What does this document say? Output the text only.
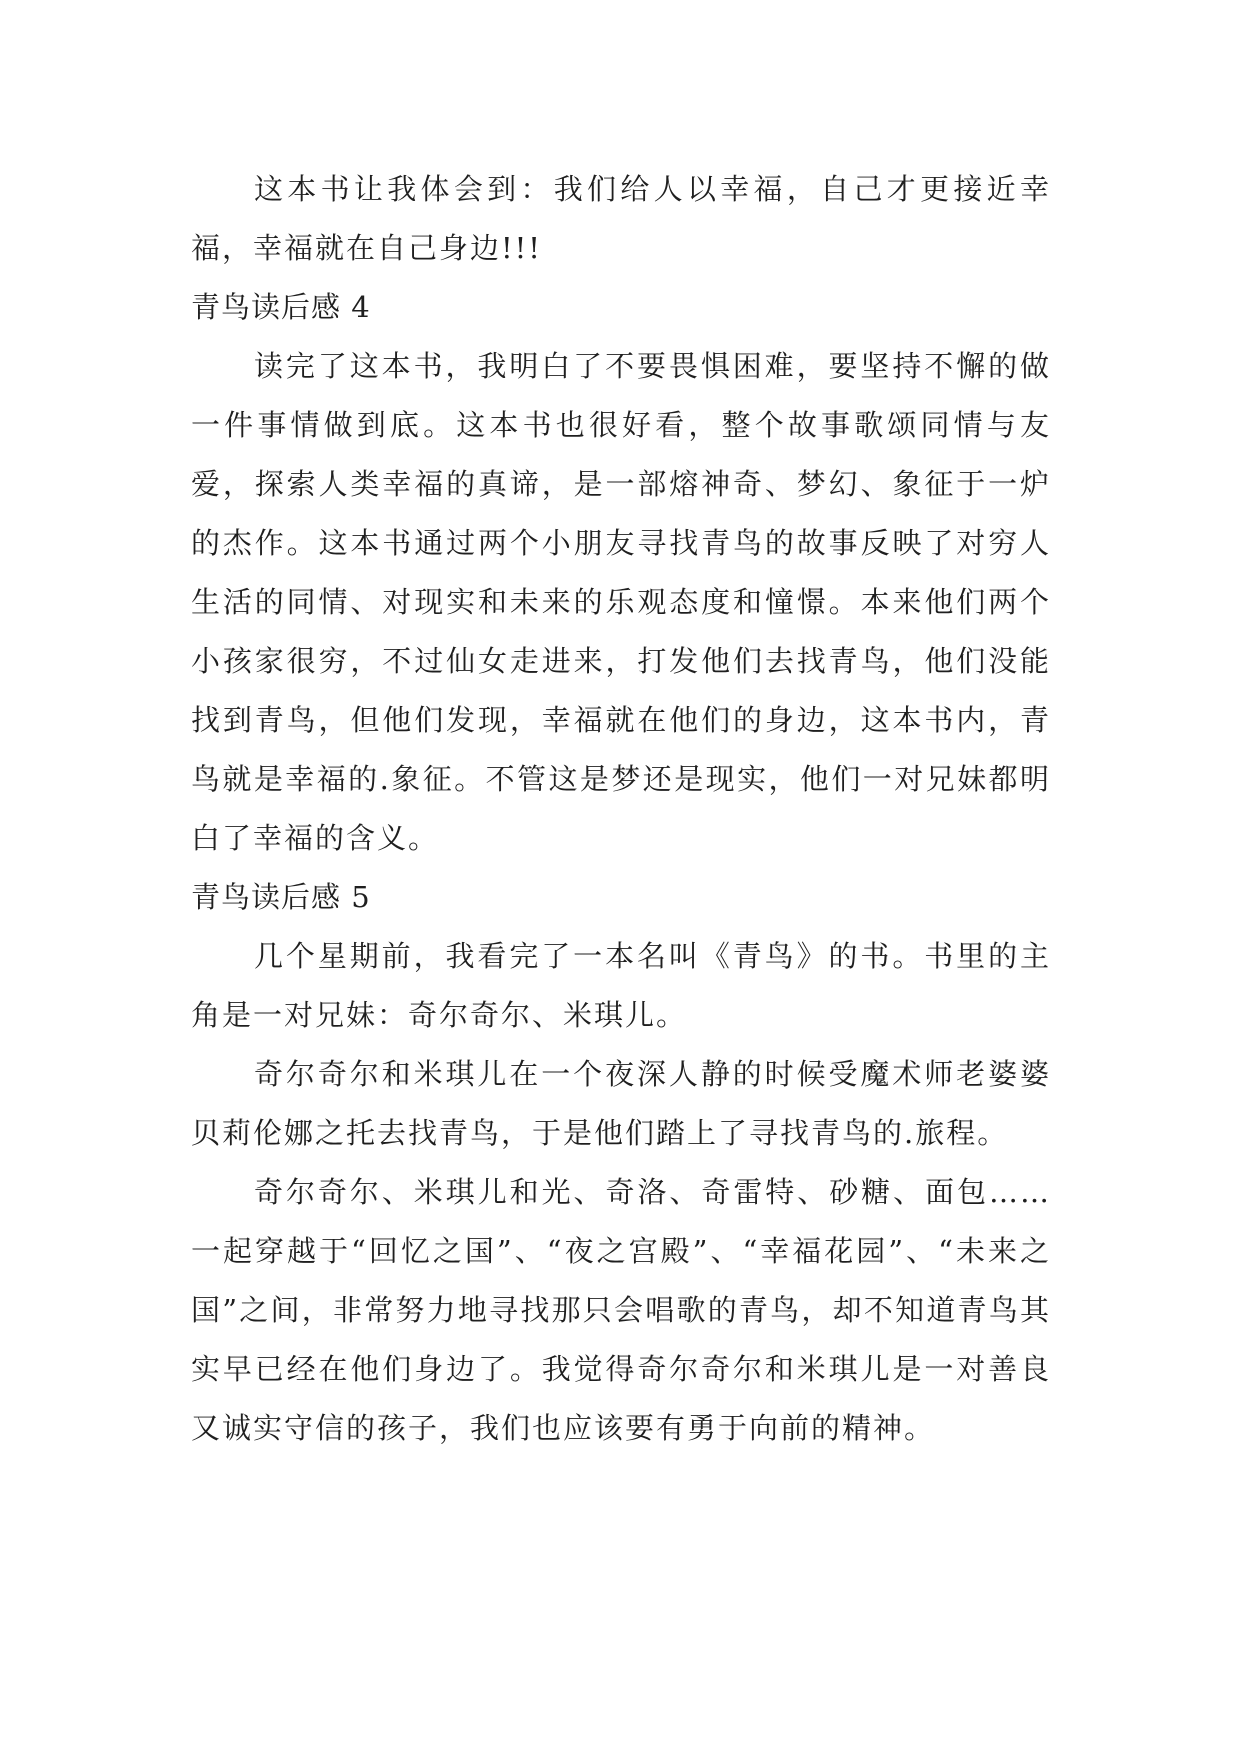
这本书让我体会到：我们给人以幸福，自己才更接近幸福，幸福就在自己身边!!!

青鸟读后感 4

读完了这本书，我明白了不要畏惧困难，要坚持不懈的做一件事情做到底。这本书也很好看，整个故事歌颂同情与友爱，探索人类幸福的真谛，是一部熔神奇、梦幻、象征于一炉的杰作。这本书通过两个小朋友寻找青鸟的故事反映了对穷人生活的同情、对现实和未来的乐观态度和憧憬。本来他们两个小孩家很穷，不过仙女走进来，打发他们去找青鸟，他们没能找到青鸟，但他们发现，幸福就在他们的身边，这本书内，青鸟就是幸福的.象征。不管这是梦还是现实，他们一对兄妹都明白了幸福的含义。

青鸟读后感 5

几个星期前，我看完了一本名叫《青鸟》的书。书里的主角是一对兄妹：奇尔奇尔、米琪儿。

奇尔奇尔和米琪儿在一个夜深人静的时候受魔术师老婆婆贝莉伦娜之托去找青鸟，于是他们踏上了寻找青鸟的.旅程。

奇尔奇尔、米琪儿和光、奇洛、奇雷特、砂糖、面包……一起穿越于“回忆之国”、“夜之宫殿”、“幸福花园”、“未来之国”之间，非常努力地寻找那只会唱歌的青鸟，却不知道青鸟其实早已经在他们身边了。我觉得奇尔奇尔和米琪儿是一对善良又诚实守信的孩子，我们也应该要有勇于向前的精神。
